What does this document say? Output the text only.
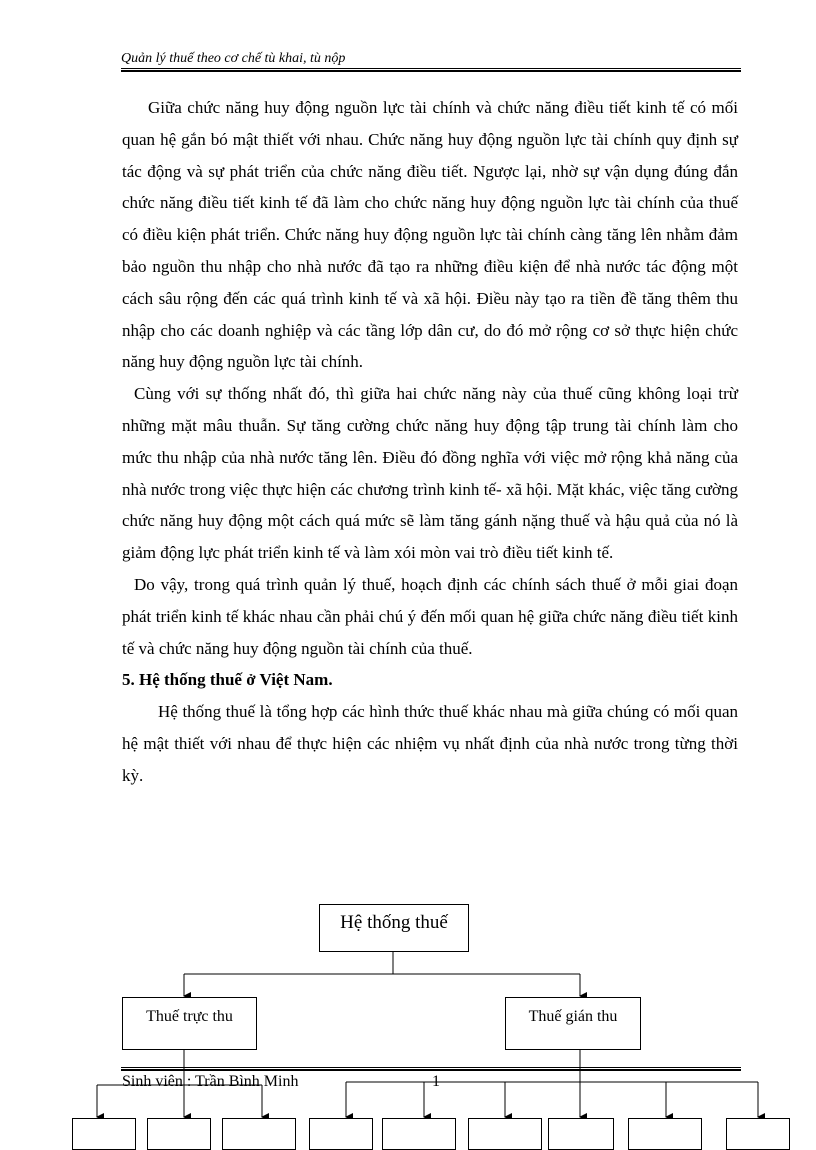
Quản lý thuế theo cơ chế tù khai, tù nộp

Giữa chức năng huy động nguồn lực tài chính và chức năng điều tiết kinh tế có mối quan hệ gắn bó mật thiết với nhau. Chức năng huy động nguồn lực tài chính quy định sự tác động và sự phát triển của chức năng điều tiết. Ngược lại, nhờ sự vận dụng đúng đắn chức năng điều tiết kinh tế đã làm cho chức năng huy động nguồn lực tài chính của thuế có điều kiện phát triển. Chức năng huy động nguồn lực tài chính càng tăng lên nhằm đảm bảo nguồn thu nhập cho nhà nước đã tạo ra những điều kiện để nhà nước tác động một cách sâu rộng đến các quá trình kinh tế và xã hội. Điều này tạo ra tiền đề tăng thêm thu nhập cho các doanh nghiệp và các tầng lớp dân cư, do đó mở rộng cơ sở thực hiện chức năng huy động nguồn lực tài chính.

Cùng với sự thống nhất đó, thì giữa hai chức năng này của thuế cũng không loại trừ những mặt mâu thuẫn. Sự tăng cường chức năng huy động tập trung tài chính làm cho mức thu nhập của nhà nước tăng lên. Điều đó đồng nghĩa với việc mở rộng khả năng của nhà nước trong việc thực hiện các chương trình kinh tế- xã hội. Mặt khác, việc tăng cường chức năng huy động một cách quá mức sẽ làm tăng gánh nặng thuế và hậu quả của nó là giảm động lực phát triển kinh tế và làm xói mòn vai trò điều tiết kinh tế.

Do vậy, trong quá trình quản lý thuế, hoạch định các chính sách thuế ở mỗi giai đoạn phát triển kinh tế khác nhau cần phải chú ý đến mối quan hệ giữa chức năng điều tiết kinh tế và chức năng huy động nguồn tài chính của thuế.

5. Hệ thống thuế ở Việt Nam.

Hệ thống thuế là tổng hợp các hình thức thuế khác nhau mà giữa chúng có mối quan hệ mật thiết với nhau để thực hiện các nhiệm vụ nhất định của nhà nước trong từng thời kỳ.

Hệ thống thuế
Thuế trực thu	Thuế gián thu
Sinh viên : Trần Bình Minh	1
